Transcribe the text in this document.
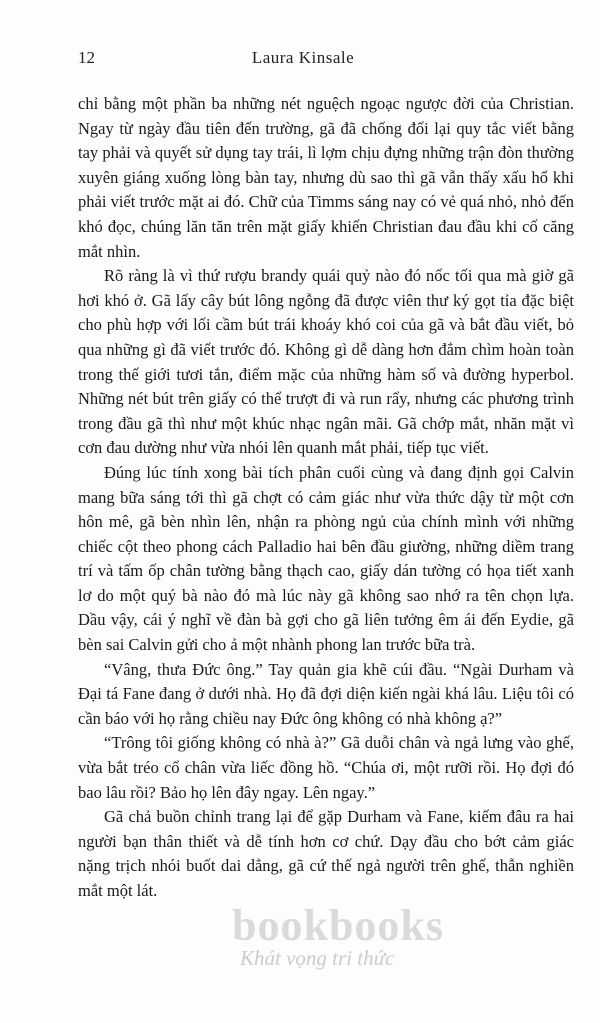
12	Laura Kinsale

chỉ bằng một phần ba những nét nguệch ngoạc ngược đời của Christian. Ngay từ ngày đầu tiên đến trường, gã đã chống đối lại quy tắc viết bằng tay phải và quyết sử dụng tay trái, lì lợm chịu đựng những trận đòn thường xuyên giáng xuống lòng bàn tay, nhưng dù sao thì gã vẫn thấy xấu hổ khi phải viết trước mặt ai đó. Chữ của Timms sáng nay có vẻ quá nhỏ, nhỏ đến khó đọc, chúng lăn tăn trên mặt giấy khiến Christian đau đầu khi cố căng mắt nhìn.

Rõ ràng là vì thứ rượu brandy quái quỷ nào đó nốc tối qua mà giờ gã hơi khó ở. Gã lấy cây bút lông ngỗng đã được viên thư ký gọt tỉa đặc biệt cho phù hợp với lối cầm bút trái khoáy khó coi của gã và bắt đầu viết, bỏ qua những gì đã viết trước đó. Không gì dễ dàng hơn đắm chìm hoàn toàn trong thế giới tươi tắn, điểm mặc của những hàm số và đường hyperbol. Những nét bút trên giấy có thể trượt đi và run rẩy, nhưng các phương trình trong đầu gã thì như một khúc nhạc ngân mãi. Gã chớp mắt, nhăn mặt vì cơn đau dường như vừa nhói lên quanh mắt phải, tiếp tục viết.

Đúng lúc tính xong bài tích phân cuối cùng và đang định gọi Calvin mang bữa sáng tới thì gã chợt có cảm giác như vừa thức dậy từ một cơn hôn mê, gã bèn nhìn lên, nhận ra phòng ngủ của chính mình với những chiếc cột theo phong cách Palladio hai bên đầu giường, những diềm trang trí và tấm ốp chân tường bằng thạch cao, giấy dán tường có họa tiết xanh lơ do một quý bà nào đó mà lúc này gã không sao nhớ ra tên chọn lựa. Dầu vậy, cái ý nghĩ về đàn bà gợi cho gã liên tưởng êm ái đến Eydie, gã bèn sai Calvin gửi cho ả một nhành phong lan trước bữa trà.

“Vâng, thưa Đức ông.” Tay quản gia khẽ cúi đầu. “Ngài Durham và Đại tá Fane đang ở dưới nhà. Họ đã đợi diện kiến ngài khá lâu. Liệu tôi có cần báo với họ rằng chiều nay Đức ông không có nhà không ạ?”

“Trông tôi giống không có nhà à?” Gã duỗi chân và ngả lưng vào ghế, vừa bắt tréo cổ chân vừa liếc đồng hồ. “Chúa ơi, một rưỡi rồi. Họ đợi đó bao lâu rồi? Bảo họ lên đây ngay. Lên ngay.”

Gã chả buồn chỉnh trang lại để gặp Durham và Fane, kiếm đâu ra hai người bạn thân thiết và dễ tính hơn cơ chứ. Dạy đầu cho bớt cảm giác nặng trịch nhói buốt dai dẳng, gã cứ thế ngả người trên ghế, thẫn nghiền mắt một lát.

bookbooks
Khát vọng tri thức
